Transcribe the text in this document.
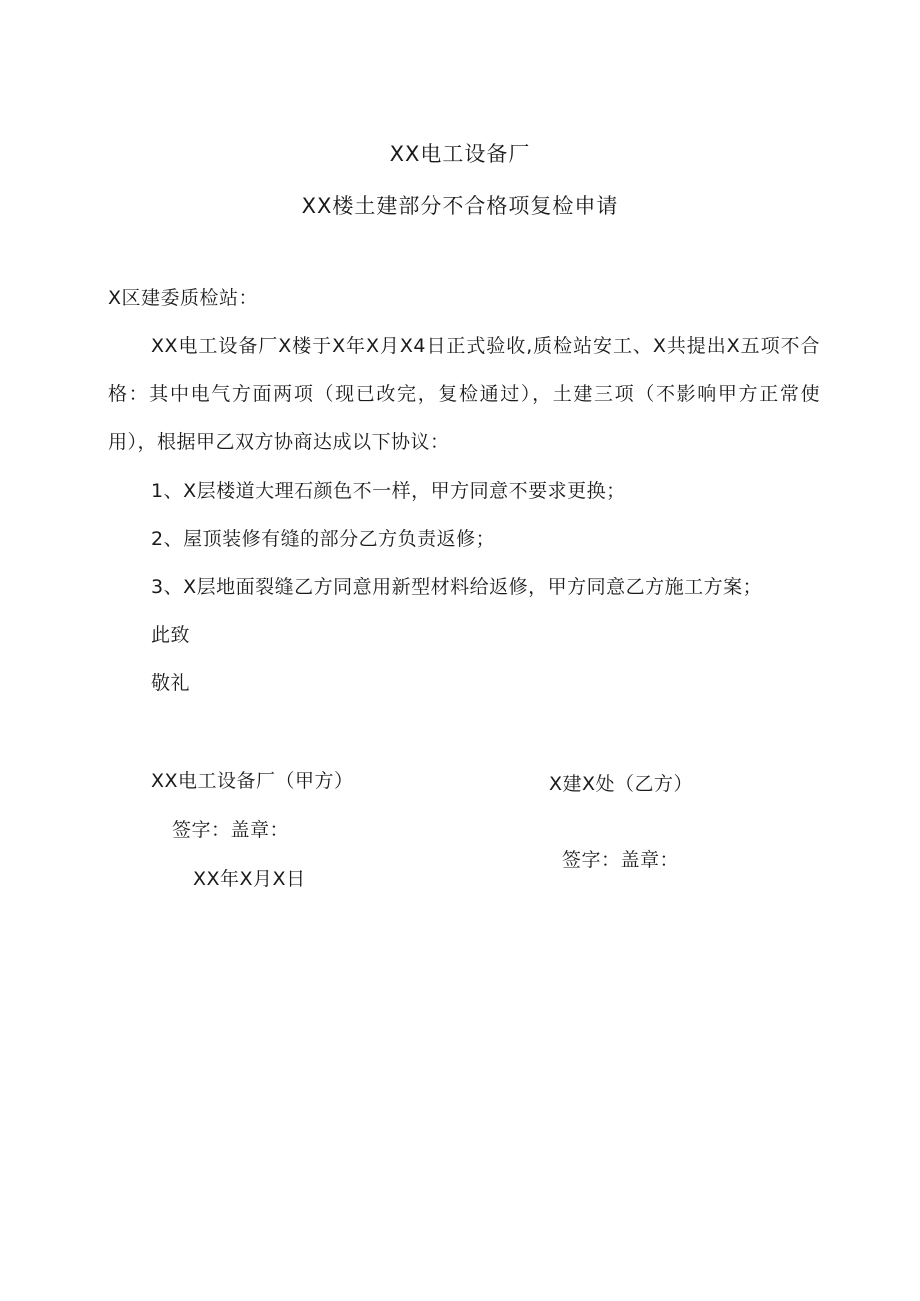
XX电工设备厂
XX楼土建部分不合格项复检申请

X区建委质检站：

XX电工设备厂X楼于X年X月X4日正式验收,质检站安工、X共提出X五项不合格：其中电气方面两项（现已改完，复检通过），土建三项（不影响甲方正常使用），根据甲乙双方协商达成以下协议：

1、X层楼道大理石颜色不一样，甲方同意不要求更换；

2、屋顶装修有缝的部分乙方负责返修；

3、X层地面裂缝乙方同意用新型材料给返修，甲方同意乙方施工方案；

此致

敬礼

XX电工设备厂（甲方）
签字：盖章：
XX年X月X日
X建X处（乙方）
签字：盖章：
